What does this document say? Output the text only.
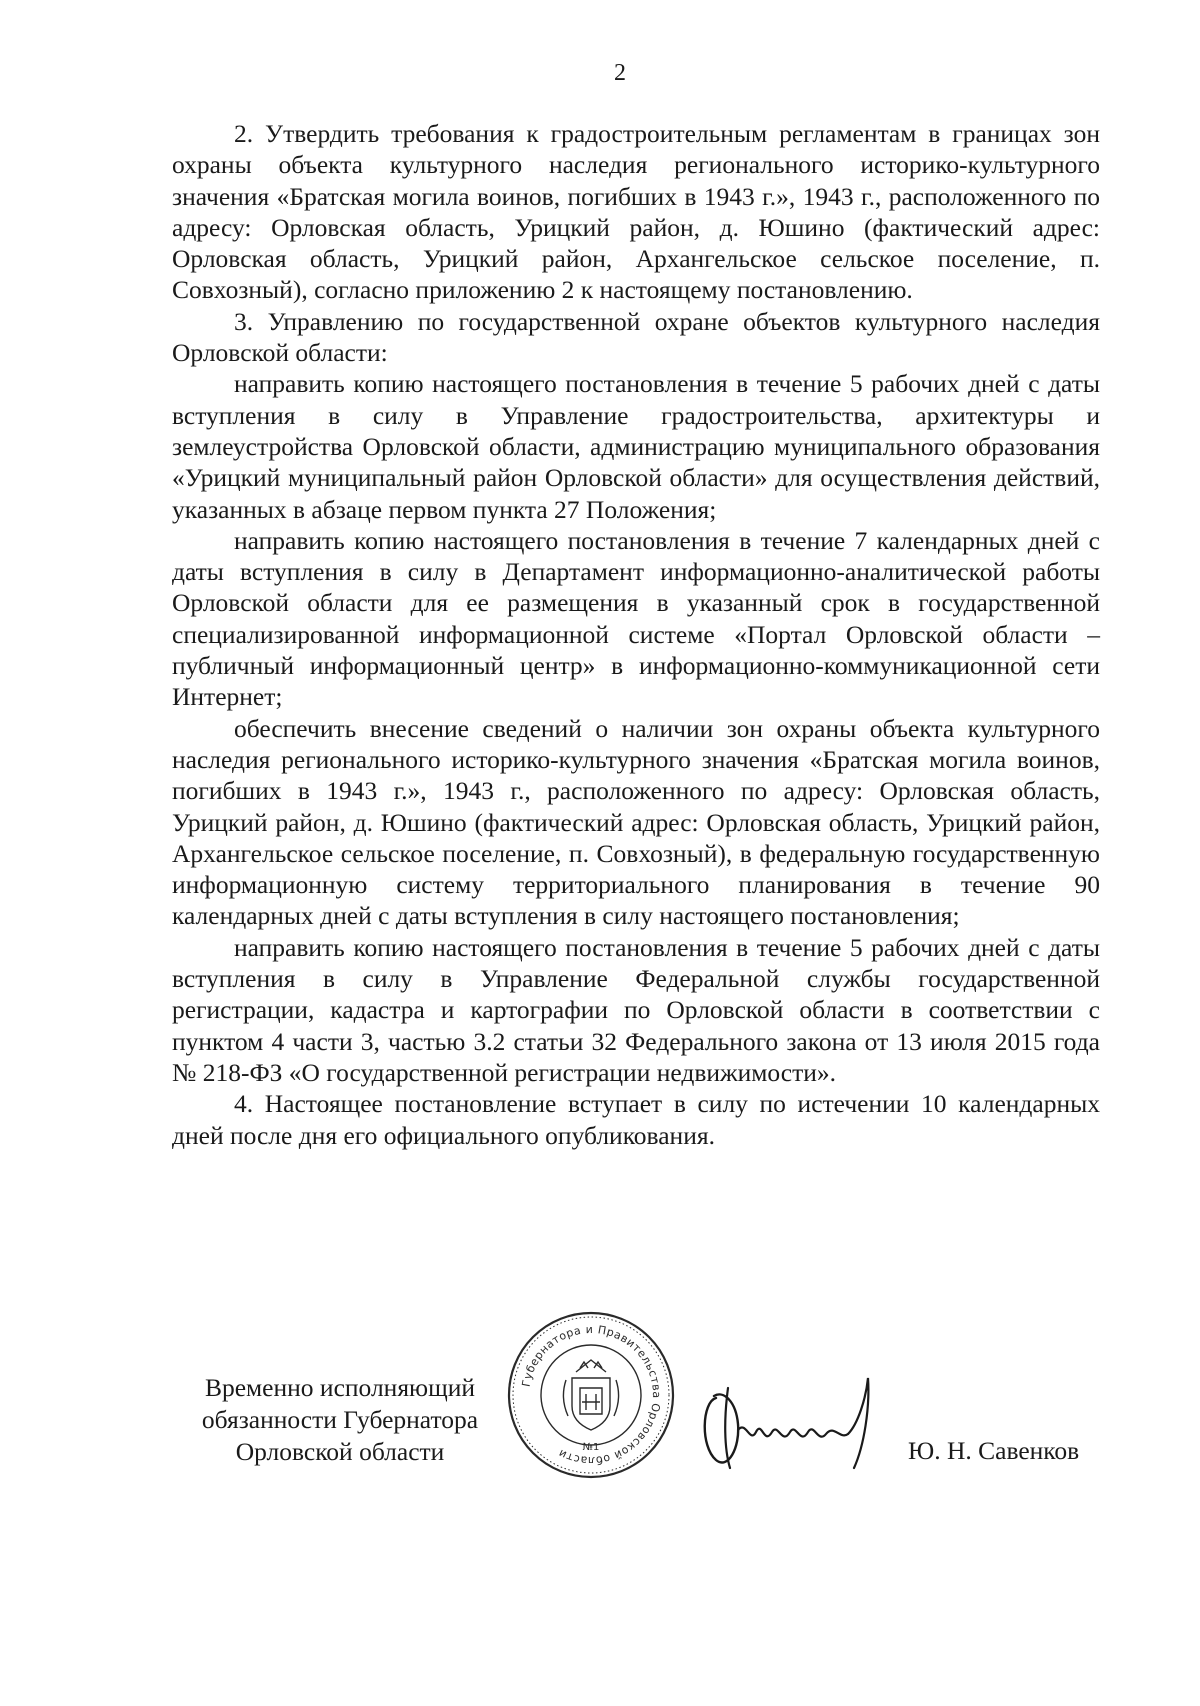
2

2. Утвердить требования к градостроительным регламентам в границах зон охраны объекта культурного наследия регионального историко-культурного значения «Братская могила воинов, погибших в 1943 г.», 1943 г., расположенного по адресу: Орловская область, Урицкий район, д. Юшино (фактический адрес: Орловская область, Урицкий район, Архангельское сельское поселение, п. Совхозный), согласно приложению 2 к настоящему постановлению.

3. Управлению по государственной охране объектов культурного наследия Орловской области:

направить копию настоящего постановления в течение 5 рабочих дней с даты вступления в силу в Управление градостроительства, архитектуры и землеустройства Орловской области, администрацию муниципального образования «Урицкий муниципальный район Орловской области» для осуществления действий, указанных в абзаце первом пункта 27 Положения;

направить копию настоящего постановления в течение 7 календарных дней с даты вступления в силу в Департамент информационно-аналитической работы Орловской области для ее размещения в указанный срок в государственной специализированной информационной системе «Портал Орловской области – публичный информационный центр» в информационно-коммуникационной сети Интернет;

обеспечить внесение сведений о наличии зон охраны объекта культурного наследия регионального историко-культурного значения «Братская могила воинов, погибших в 1943 г.», 1943 г., расположенного по адресу: Орловская область, Урицкий район, д. Юшино (фактический адрес: Орловская область, Урицкий район, Архангельское сельское поселение, п. Совхозный), в федеральную государственную информационную систему территориального планирования в течение 90 календарных дней с даты вступления в силу настоящего постановления;

направить копию настоящего постановления в течение 5 рабочих дней с даты вступления в силу в Управление Федеральной службы государственной регистрации, кадастра и картографии по Орловской области в соответствии с пунктом 4 части 3, частью 3.2 статьи 32 Федерального закона от 13 июля 2015 года № 218-ФЗ «О государственной регистрации недвижимости».

4. Настоящее постановление вступает в силу по истечении 10 календарных дней после дня его официального опубликования.

Временно исполняющий
обязанности Губернатора
Орловской области
Губернатора и Правительства Орловской области	№1	Ю. Н. Савенков
